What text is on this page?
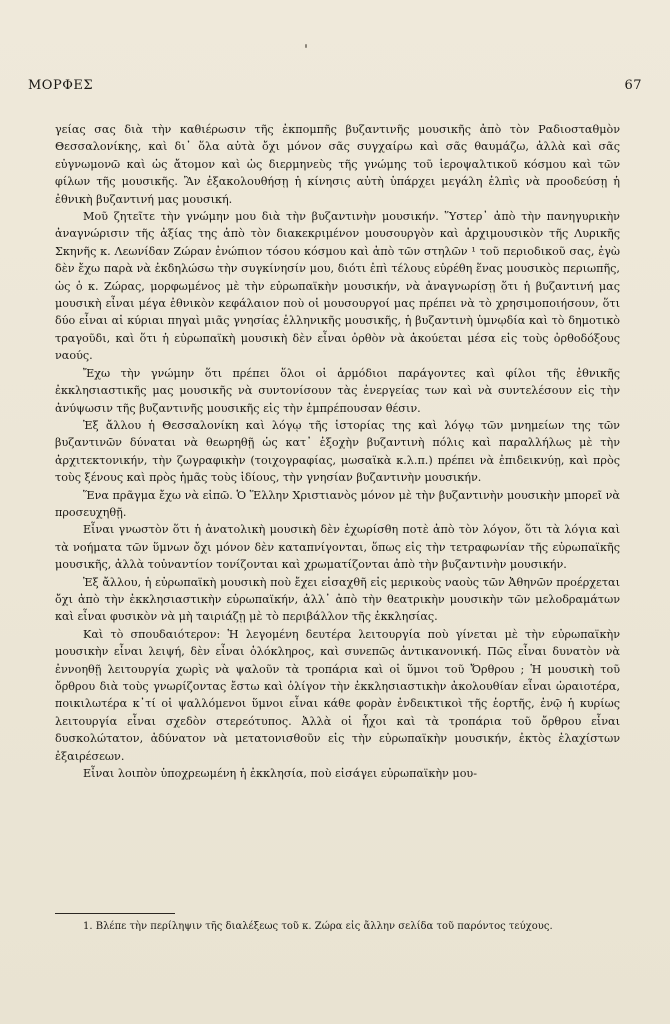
ΜΟΡΦΕΣ	67

γείας σας διὰ τὴν καθιέρωσιν τῆς ἐκπομπῆς βυζαντινῆς μουσικῆς ἀπὸ τὸν Ραδιοσταθμὸν Θεσσαλονίκης, καὶ δι᾽ ὅλα αὐτὰ ὄχι μόνον σᾶς συγχαίρω καὶ σᾶς θαυμάζω, ἀλλὰ καὶ σᾶς εὐγνωμονῶ καὶ ὡς ἄτομον καὶ ὡς διερμηνεὺς τῆς γνώμης τοῦ ἱεροψαλτικοῦ κόσμου καὶ τῶν φίλων τῆς μουσικῆς. Ἂν ἐξακολουθήσῃ ἡ κίνησις αὐτὴ ὑπάρχει μεγάλη ἐλπὶς νὰ προοδεύσῃ ἡ ἐθνικὴ βυζαντινή μας μουσική.

Μοῦ ζητεῖτε τὴν γνώμην μου διὰ τὴν βυζαντινὴν μουσικήν. Ὕστερ᾽ ἀπὸ τὴν πανηγυρικὴν ἀναγνώρισιν τῆς ἀξίας της ἀπὸ τὸν διακεκριμένον μουσουργὸν καὶ ἀρχιμουσικὸν τῆς Λυρικῆς Σκηνῆς κ. Λεωνίδαν Ζώραν ἐνώπιον τόσου κόσμου καὶ ἀπὸ τῶν στηλῶν ¹ τοῦ περιοδικοῦ σας, ἐγὼ δὲν ἔχω παρὰ νὰ ἐκδηλώσω τὴν συγκίνησίν μου, διότι ἐπὶ τέλους εὑρέθη ἕνας μουσικὸς περιωπῆς, ὡς ὁ κ. Ζώρας, μορφωμένος μὲ τὴν εὐρωπαϊκὴν μουσικήν, νὰ ἀναγνωρίσῃ ὅτι ἡ βυζαντινή μας μουσικὴ εἶναι μέγα ἐθνικὸν κεφάλαιον ποὺ οἱ μουσουργοί μας πρέπει νὰ τὸ χρησιμοποιήσουν, ὅτι δύο εἶναι αἱ κύριαι πηγαὶ μιᾶς γνησίας ἑλληνικῆς μουσικῆς, ἡ βυζαντινὴ ὑμνῳδία καὶ τὸ δημοτικὸ τραγοῦδι, καὶ ὅτι ἡ εὐρωπαϊκὴ μουσικὴ δὲν εἶναι ὀρθὸν νὰ ἀκούεται μέσα εἰς τοὺς ὀρθοδόξους ναούς.

Ἔχω τὴν γνώμην ὅτι πρέπει ὅλοι οἱ ἁρμόδιοι παράγοντες καὶ φίλοι τῆς ἐθνικῆς ἐκκλησιαστικῆς μας μουσικῆς νὰ συντονίσουν τὰς ἐνεργείας των καὶ νὰ συντελέσουν εἰς τὴν ἀνύψωσιν τῆς βυζαντινῆς μουσικῆς εἰς τὴν ἐμπρέπουσαν θέσιν.

Ἐξ ἄλλου ἡ Θεσσαλονίκη καὶ λόγῳ τῆς ἱστορίας της καὶ λόγῳ τῶν μνημείων της τῶν βυζαντινῶν δύναται νὰ θεωρηθῇ ὡς κατ᾽ ἐξοχὴν βυζαντινὴ πόλις καὶ παραλλήλως μὲ τὴν ἀρχιτεκτονικήν, τὴν ζωγραφικὴν (τοιχογραφίας, μωσαϊκὰ κ.λ.π.) πρέπει νὰ ἐπιδεικνύῃ, καὶ πρὸς τοὺς ξένους καὶ πρὸς ἡμᾶς τοὺς ἰδίους, τὴν γνησίαν βυζαντινὴν μουσικήν.

Ἕνα πρᾶγμα ἔχω νὰ εἰπῶ. Ὁ Ἕλλην Χριστιανὸς μόνον μὲ τὴν βυζαντινὴν μουσικὴν μπορεῖ νὰ προσευχηθῇ.

Εἶναι γνωστὸν ὅτι ἡ ἀνατολικὴ μουσικὴ δὲν ἐχωρίσθη ποτὲ ἀπὸ τὸν λόγον, ὅτι τὰ λόγια καὶ τὰ νοήματα τῶν ὕμνων ὄχι μόνον δὲν καταπνίγονται, ὅπως εἰς τὴν τετραφωνίαν τῆς εὐρωπαϊκῆς μουσικῆς, ἀλλὰ τοὐναντίον τονίζονται καὶ χρωματίζονται ἀπὸ τὴν βυζαντινὴν μουσικήν.

Ἐξ ἄλλου, ἡ εὐρωπαϊκὴ μουσικὴ ποὺ ἔχει εἰσαχθῆ εἰς μερικοὺς ναοὺς τῶν Ἀθηνῶν προέρχεται ὄχι ἀπὸ τὴν ἐκκλησιαστικὴν εὐρωπαϊκήν, ἀλλ᾽ ἀπὸ τὴν θεατρικὴν μουσικὴν τῶν μελοδραμάτων καὶ εἶναι φυσικὸν νὰ μὴ ταιριάζῃ μὲ τὸ περιβάλλον τῆς ἐκκλησίας.

Καὶ τὸ σπουδαιότερον: Ἡ λεγομένη δευτέρα λειτουργία ποὺ γίνεται μὲ τὴν εὐρωπαϊκὴν μουσικὴν εἶναι λειψή, δὲν εἶναι ὁλόκληρος, καὶ συνεπῶς ἀντικανονική. Πῶς εἶναι δυνατὸν νὰ ἐννοηθῇ λειτουργία χωρὶς νὰ ψαλοῦν τὰ τροπάρια καὶ οἱ ὕμνοι τοῦ Ὄρθρου ; Ἡ μουσικὴ τοῦ ὄρθρου διὰ τοὺς γνωρίζοντας ἔστω καὶ ὀλίγον τὴν ἐκκλησιαστικὴν ἀκολουθίαν εἶναι ὡραιοτέρα, ποικιλωτέρα κ᾽τί οἱ ψαλλόμενοι ὕμνοι εἶναι κάθε φορὰν ἐνδεικτικοὶ τῆς ἑορτῆς, ἐνῷ ἡ κυρίως λειτουργία εἶναι σχεδὸν στερεότυπος. Ἀλλὰ οἱ ἦχοι καὶ τὰ τροπάρια τοῦ ὄρθρου εἶναι δυσκολώτατον, ἀδύνατον νὰ μετατονισθοῦν εἰς τὴν εὐρωπαϊκὴν μουσικήν, ἐκτὸς ἐλαχίστων ἐξαιρέσεων.

Εἶναι λοιπὸν ὑποχρεωμένη ἡ ἐκκλησία, ποὺ εἰσάγει εὐρωπαϊκὴν μου-

1. Βλέπε τὴν περίληψιν τῆς διαλέξεως τοῦ κ. Ζώρα εἰς ἄλλην σελίδα τοῦ παρόντος τεύχους.
